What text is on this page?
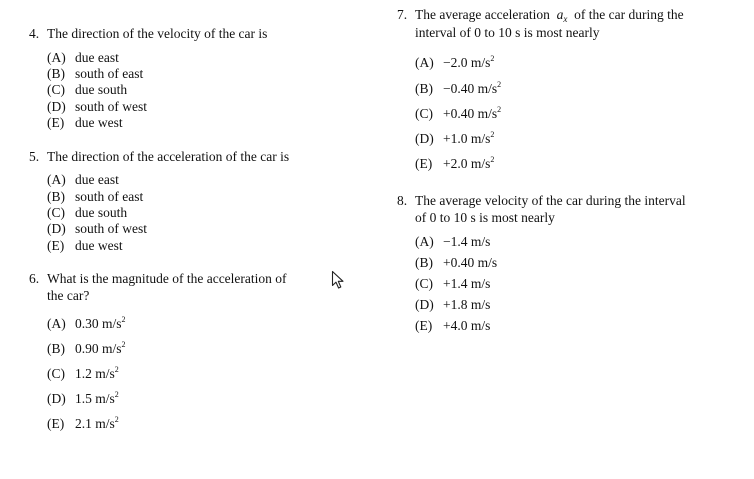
4. The direction of the velocity of the car is
(A) due east
(B) south of east
(C) due south
(D) south of west
(E) due west
5. The direction of the acceleration of the car is
(A) due east
(B) south of east
(C) due south
(D) south of west
(E) due west
6. What is the magnitude of the acceleration of
the car?
(A) 0.30 $m/s^2$
(B) 0.90 $m/s^2$
(C) 1.2 $m/s^2$
(D) 1.5 $m/s^2$
(E) 2.1 $m/s^2$
7. The average acceleration $a_x$ of the car during the
interval of 0 to 10 s is most nearly
(A) −2.0 $m/s^2$
(B) −0.40 $m/s^2$
(C) +0.40 $m/s^2$
(D) +1.0 $m/s^2$
(E) +2.0 $m/s^2$
8. The average velocity of the car during the interval
of 0 to 10 s is most nearly
(A) −1.4 m/s
(B) +0.40 m/s
(C) +1.4 m/s
(D) +1.8 m/s
(E) +4.0 m/s
